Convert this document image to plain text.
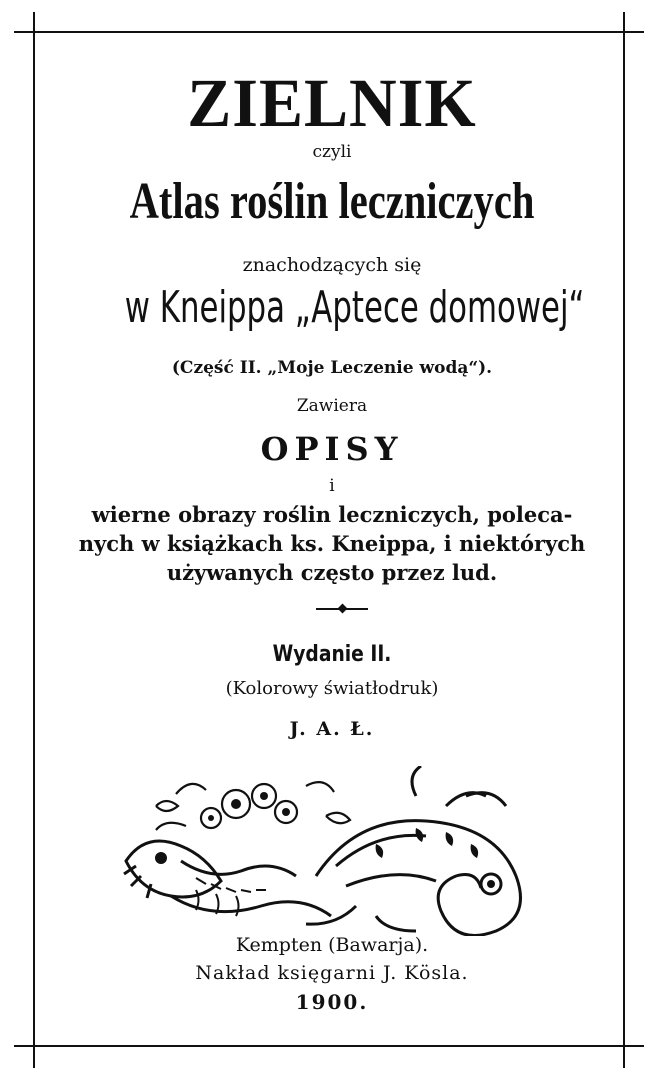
ZIELNIK
czyli
Atlas roślin leczniczych
znachodzących się
w Kneippa „Aptece domowej“
(Część II. „Moje Leczenie wodą“).
Zawiera
OPISY
i
wierne obrazy roślin leczniczych, poleca-
nych w książkach ks. Kneippa, i niektórych
używanych często przez lud.
Wydanie II.
(Kolorowy światłodruk)
J. A. Ł.
Kempten (Bawarja).
Nakład księgarni J. Kösla.
1900.
